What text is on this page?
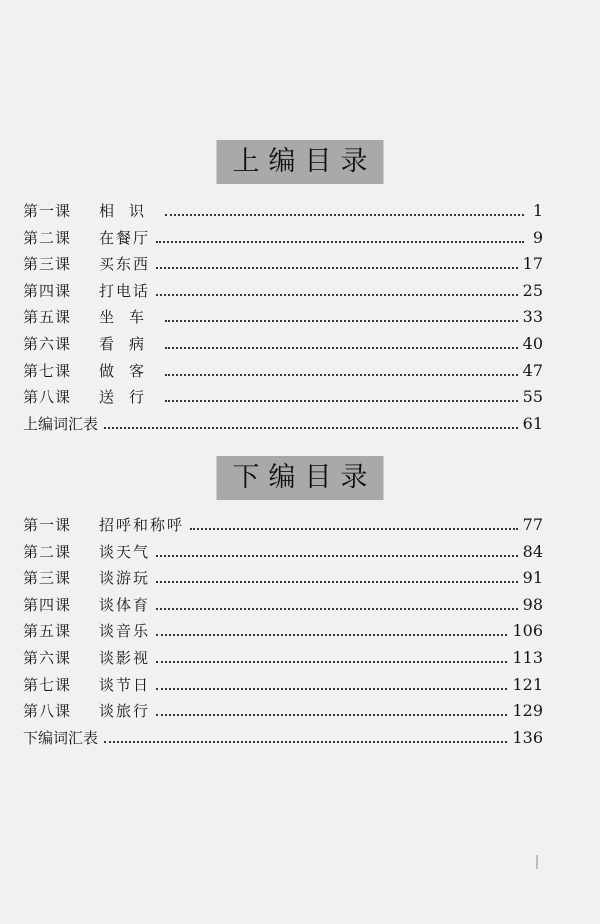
上编目录
第一课	相识	1
第二课	在餐厅	9
第三课	买东西	17
第四课	打电话	25
第五课	坐车	33
第六课	看病	40
第七课	做客	47
第八课	送行	55
上编词汇表	61
下编目录
第一课	招呼和称呼	77
第二课	谈天气	84
第三课	谈游玩	91
第四课	谈体育	98
第五课	谈音乐	106
第六课	谈影视	113
第七课	谈节日	121
第八课	谈旅行	129
下编词汇表	136
